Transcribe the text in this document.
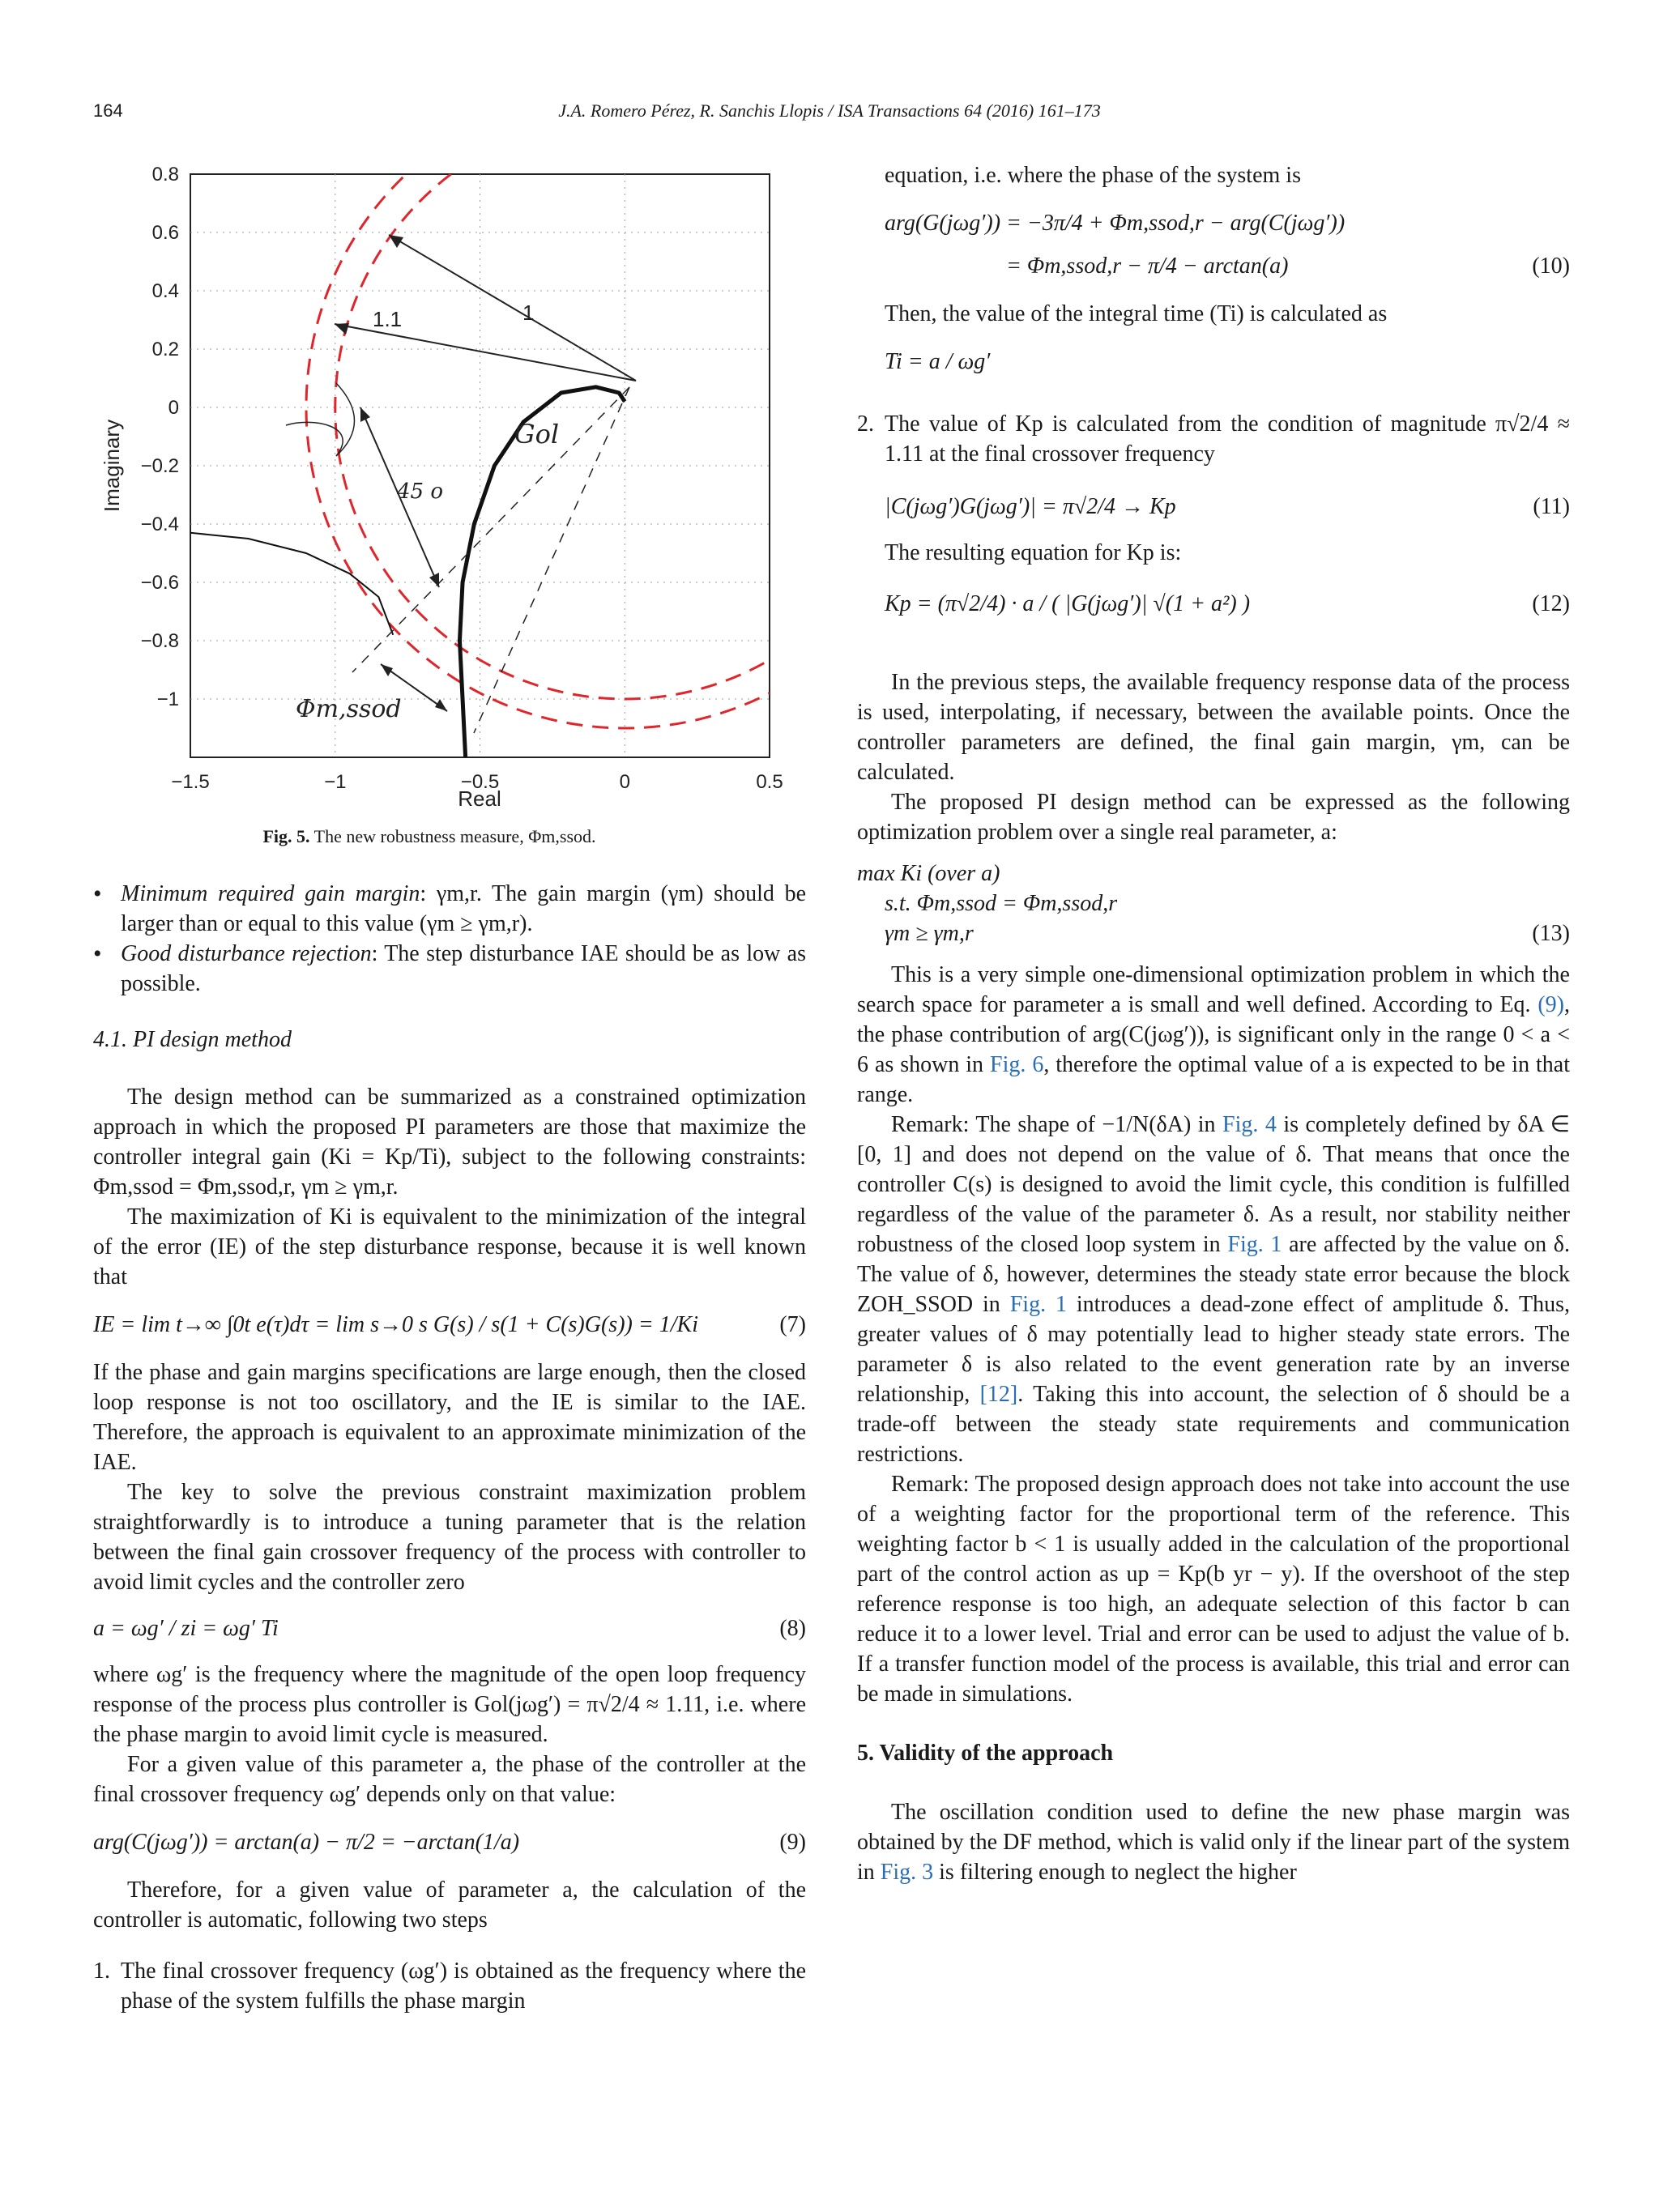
164	J.A. Romero Pérez, R. Sanchis Llopis / ISA Transactions 64 (2016) 161–173
−1.5	−1	−0.5	0	0.5
0.8
0.6
0.4
0.2
0
−0.2
−0.4
−0.6
−0.8
−1
1.1	1
45 o
Gol
Φm,ssod
Real
Imaginary
Fig. 5. The new robustness measure, Φm,ssod.
• Minimum required gain margin: γm,r. The gain margin (γm) should be larger than or equal to this value (γm ≥ γm,r).
• Good disturbance rejection: The step disturbance IAE should be as low as possible.
4.1. PI design method

The design method can be summarized as a constrained optimization approach in which the proposed PI parameters are those that maximize the controller integral gain (Ki = Kp/Ti), subject to the following constraints: Φm,ssod = Φm,ssod,r, γm ≥ γm,r.

The maximization of Ki is equivalent to the minimization of the integral of the error (IE) of the step disturbance response, because it is well known that

IE = lim t→∞ ∫0t e(τ)dτ = lim s→0 s G(s) / s(1 + C(s)G(s)) = 1/Ki	(7)

If the phase and gain margins specifications are large enough, then the closed loop response is not too oscillatory, and the IE is similar to the IAE. Therefore, the approach is equivalent to an approximate minimization of the IAE.

The key to solve the previous constraint maximization problem straightforwardly is to introduce a tuning parameter that is the relation between the final gain crossover frequency of the process with controller to avoid limit cycles and the controller zero

a = ωg′ / zi = ωg′ Ti	(8)

where ωg′ is the frequency where the magnitude of the open loop frequency response of the process plus controller is Gol(jωg′) = π√2/4 ≈ 1.11, i.e. where the phase margin to avoid limit cycle is measured.

For a given value of this parameter a, the phase of the controller at the final crossover frequency ωg′ depends only on that value:

arg(C(jωg′)) = arctan(a) − π/2 = −arctan(1/a)	(9)

Therefore, for a given value of parameter a, the calculation of the controller is automatic, following two steps

1. The final crossover frequency (ωg′) is obtained as the frequency where the phase of the system fulfills the phase margin

equation, i.e. where the phase of the system is

arg(G(jωg′)) = −3π/4 + Φm,ssod,r − arg(C(jωg′))
= Φm,ssod,r − π/4 − arctan(a)	(10)

Then, the value of the integral time (Ti) is calculated as

Ti = a / ωg′
2. The value of Kp is calculated from the condition of magnitude π√2/4 ≈ 1.11 at the final crossover frequency
|C(jωg′)G(jωg′)| = π√2/4 → Kp	(11)

The resulting equation for Kp is:

Kp = (π√2/4) · a / ( |G(jωg′)| √(1 + a²) )	(12)

In the previous steps, the available frequency response data of the process is used, interpolating, if necessary, between the available points. Once the controller parameters are defined, the final gain margin, γm, can be calculated.

The proposed PI design method can be expressed as the following optimization problem over a single real parameter, a:

max Ki (over a)
s.t. Φm,ssod = Φm,ssod,r
γm ≥ γm,r	(13)

This is a very simple one-dimensional optimization problem in which the search space for parameter a is small and well defined. According to Eq. (9), the phase contribution of arg(C(jωg′)), is significant only in the range 0 < a < 6 as shown in Fig. 6, therefore the optimal value of a is expected to be in that range.

Remark: The shape of −1/N(δA) in Fig. 4 is completely defined by δA ∈ [0, 1] and does not depend on the value of δ. That means that once the controller C(s) is designed to avoid the limit cycle, this condition is fulfilled regardless of the value of the parameter δ. As a result, nor stability neither robustness of the closed loop system in Fig. 1 are affected by the value on δ. The value of δ, however, determines the steady state error because the block ZOH_SSOD in Fig. 1 introduces a dead-zone effect of amplitude δ. Thus, greater values of δ may potentially lead to higher steady state errors. The parameter δ is also related to the event generation rate by an inverse relationship, [12]. Taking this into account, the selection of δ should be a trade-off between the steady state requirements and communication restrictions.

Remark: The proposed design approach does not take into account the use of a weighting factor for the proportional term of the reference. This weighting factor b < 1 is usually added in the calculation of the proportional part of the control action as up = Kp(b yr − y). If the overshoot of the step reference response is too high, an adequate selection of this factor b can reduce it to a lower level. Trial and error can be used to adjust the value of b. If a transfer function model of the process is available, this trial and error can be made in simulations.

5. Validity of the approach

The oscillation condition used to define the new phase margin was obtained by the DF method, which is valid only if the linear part of the system in Fig. 3 is filtering enough to neglect the higher
